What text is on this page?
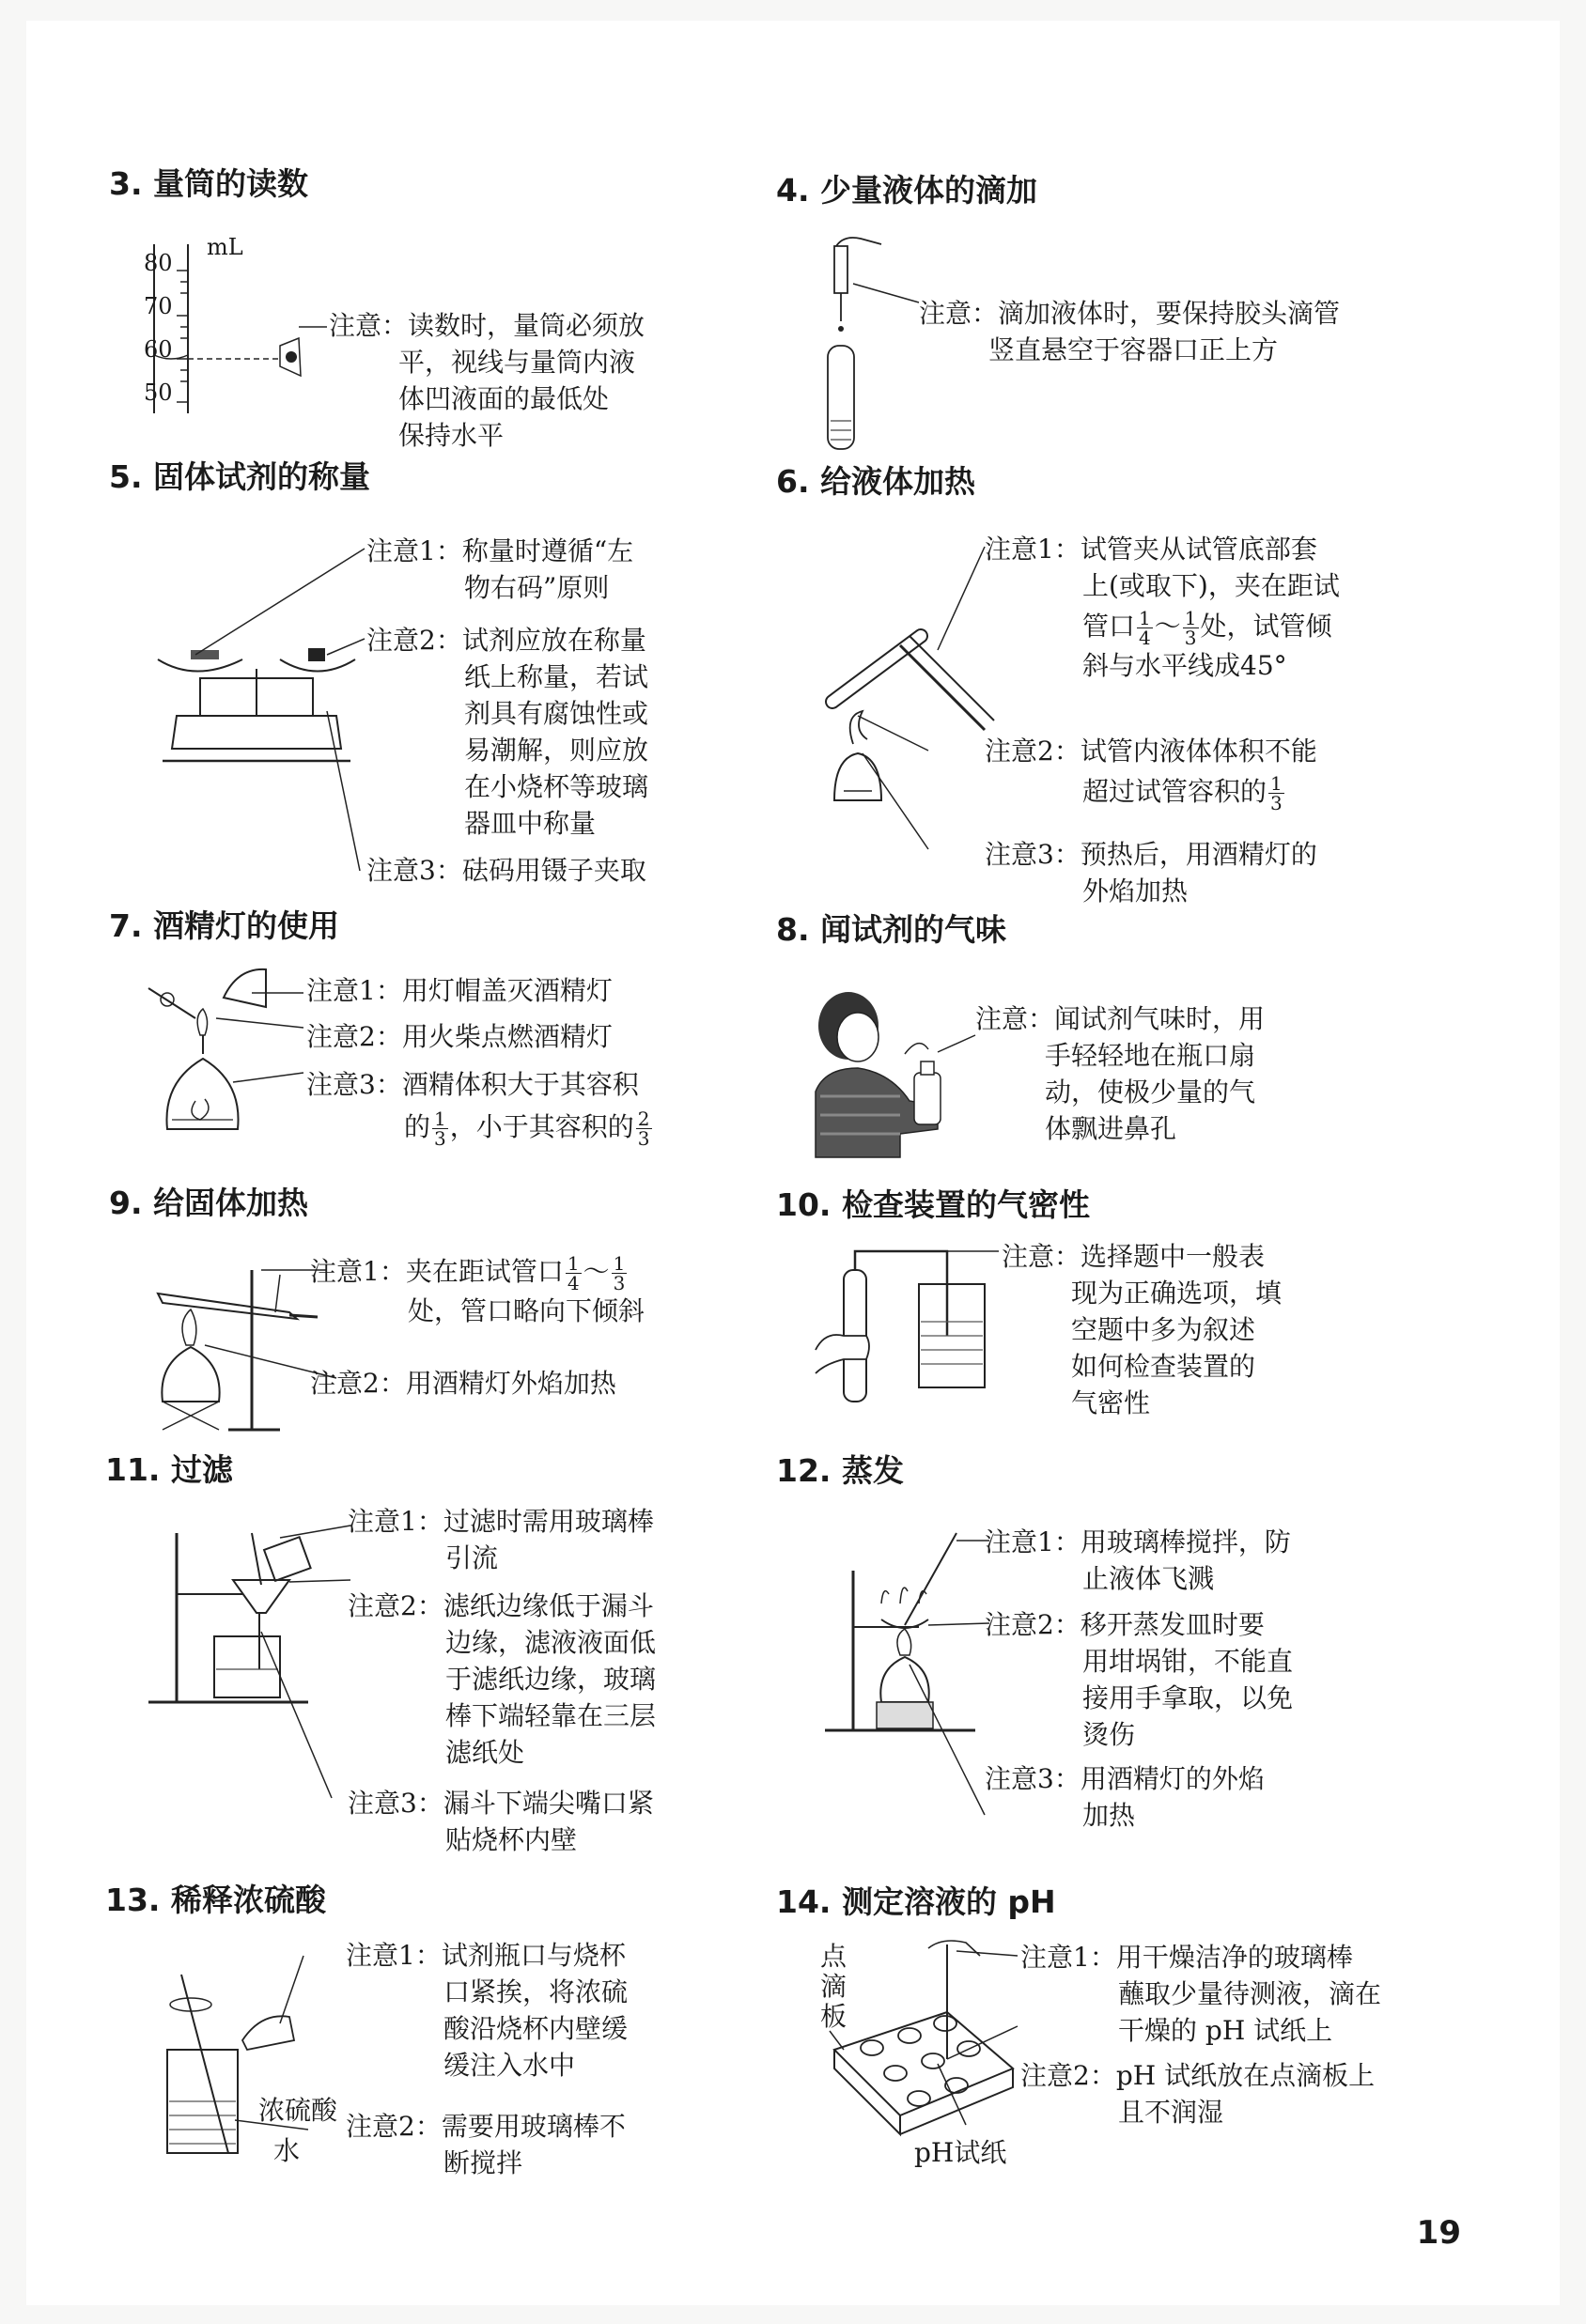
3. 量筒的读数
80
70
60
50
mL
注意：读数时，量筒必须放
平，视线与量筒内液
体凹液面的最低处
保持水平
4. 少量液体的滴加
注意：滴加液体时，要保持胶头滴管
竖直悬空于容器口正上方
5. 固体试剂的称量
注意1：称量时遵循“左
物右码”原则
注意2：试剂应放在称量
纸上称量，若试
剂具有腐蚀性或
易潮解，则应放
在小烧杯等玻璃
器皿中称量
注意3：砝码用镊子夹取
6. 给液体加热
注意1：试管夹从试管底部套
上(或取下)，夹在距试
管口 $\frac{1}{4}$ ～ $\frac{1}{3}$ 处，试管倾
斜与水平线成45°
注意2：试管内液体体积不能
超过试管容积的 $\frac{1}{3}$
注意3：预热后，用酒精灯的
外焰加热
7. 酒精灯的使用
注意1：用灯帽盖灭酒精灯
注意2：用火柴点燃酒精灯
注意3：酒精体积大于其容积
的 $\frac{1}{3}$ ，小于其容积的 $\frac{2}{3}$
8. 闻试剂的气味
注意：闻试剂气味时，用
手轻轻地在瓶口扇
动，使极少量的气
体飘进鼻孔
9. 给固体加热
注意1：夹在距试管口 $\frac{1}{4}$ ～ $\frac{1}{3}$
处，管口略向下倾斜
注意2：用酒精灯外焰加热
10. 检查装置的气密性
注意：选择题中一般表
现为正确选项，填
空题中多为叙述
如何检查装置的
气密性
11. 过滤
注意1：过滤时需用玻璃棒
引流
注意2：滤纸边缘低于漏斗
边缘，滤液液面低
于滤纸边缘，玻璃
棒下端轻靠在三层
滤纸处
注意3：漏斗下端尖嘴口紧
贴烧杯内壁
12. 蒸发
注意1：用玻璃棒搅拌，防
止液体飞溅
注意2：移开蒸发皿时要
用坩埚钳，不能直
接用手拿取，以免
烫伤
注意3：用酒精灯的外焰
加热
13. 稀释浓硫酸
浓硫酸
水
注意1：试剂瓶口与烧杯
口紧挨，将浓硫
酸沿烧杯内壁缓
缓注入水中
注意2：需要用玻璃棒不
断搅拌
14. 测定溶液的 pH
点
滴
板
pH试纸
注意1：用干燥洁净的玻璃棒
蘸取少量待测液，滴在
干燥的 pH 试纸上
注意2：pH 试纸放在点滴板上
且不润湿
19
